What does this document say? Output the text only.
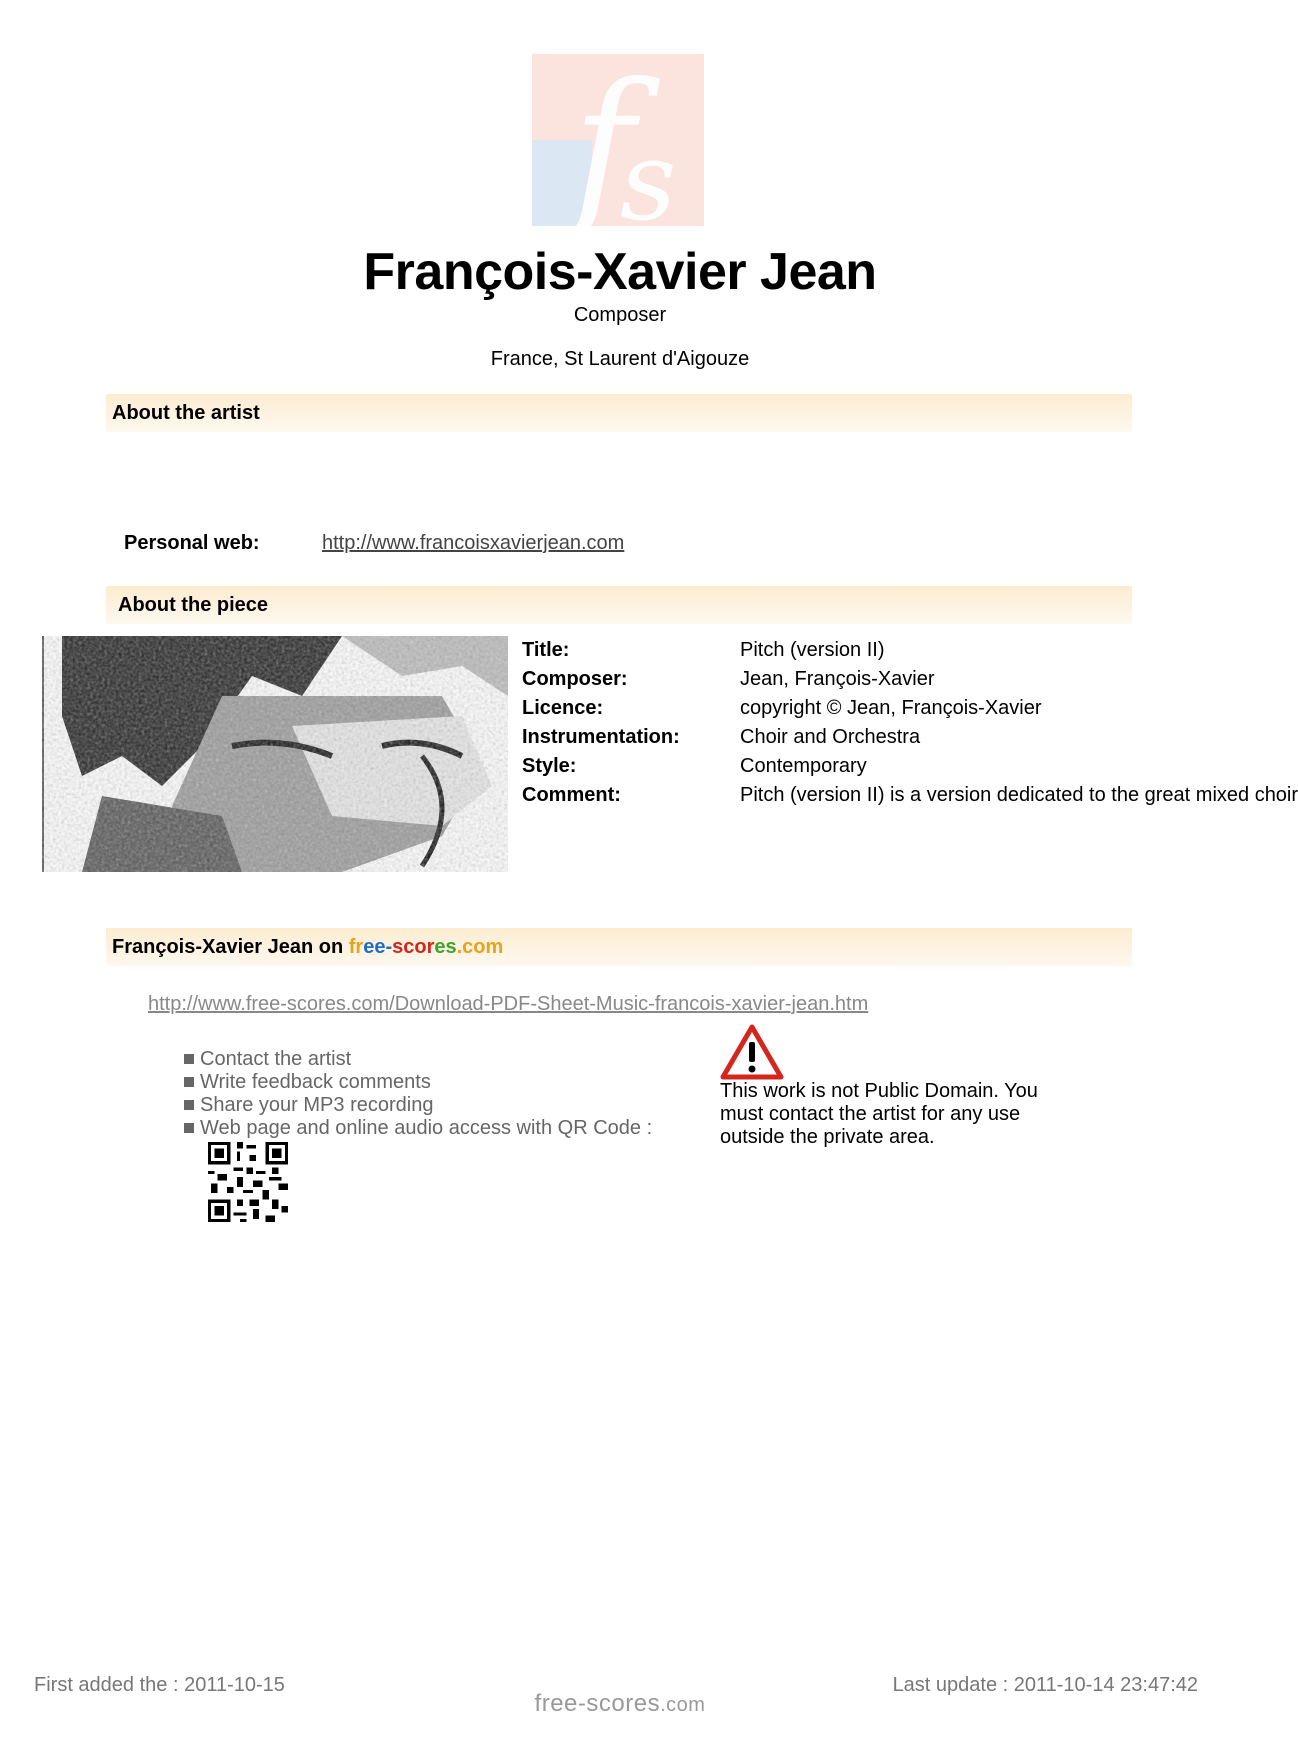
f
s
François-Xavier Jean
Composer
France, St Laurent d'Aigouze
About the artist
Personal web:	http://www.francoisxavierjean.com
About the piece
Title:	Pitch (version II)
Composer:	Jean, François-Xavier
Licence:	copyright © Jean, François-Xavier
Instrumentation:	Choir and Orchestra
Style:	Contemporary
Comment:	Pitch (version II) is a version dedicated to the great mixed choir
François-Xavier Jean on free-scores.com
http://www.free-scores.com/Download-PDF-Sheet-Music-francois-xavier-jean.htm
Contact the artist
Write feedback comments
Share your MP3 recording
Web page and online audio access with QR Code :
This work is not Public Domain. You must contact the artist for any use outside the private area.
First added the : 2011-10-15	Last update : 2011-10-14 23:47:42
free-scores.com
